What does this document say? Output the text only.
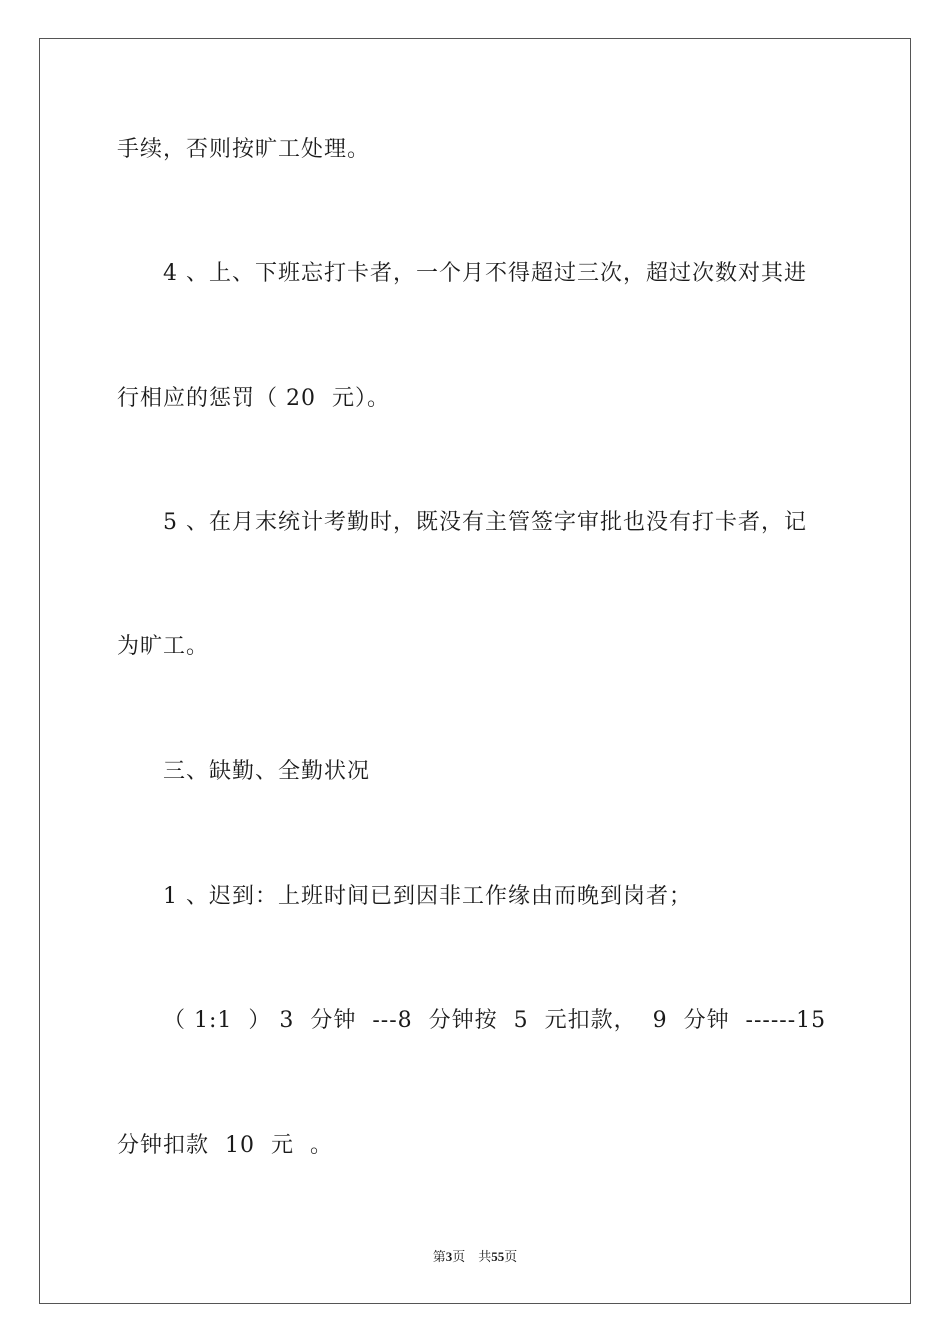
手续，否则按旷工处理。
4 、上、下班忘打卡者，一个月不得超过三次，超过次数对其进
行相应的惩罚（ 20  元）。
5 、在月末统计考勤时，既没有主管签字审批也没有打卡者，记
为旷工。
三、缺勤、全勤状况
1 、迟到：上班时间已到因非工作缘由而晚到岗者；
（ 1:1  ） 3  分钟  ---8  分钟按  5  元扣款，  9  分钟  ------15
分钟扣款  10  元  。
第3页    共55页
